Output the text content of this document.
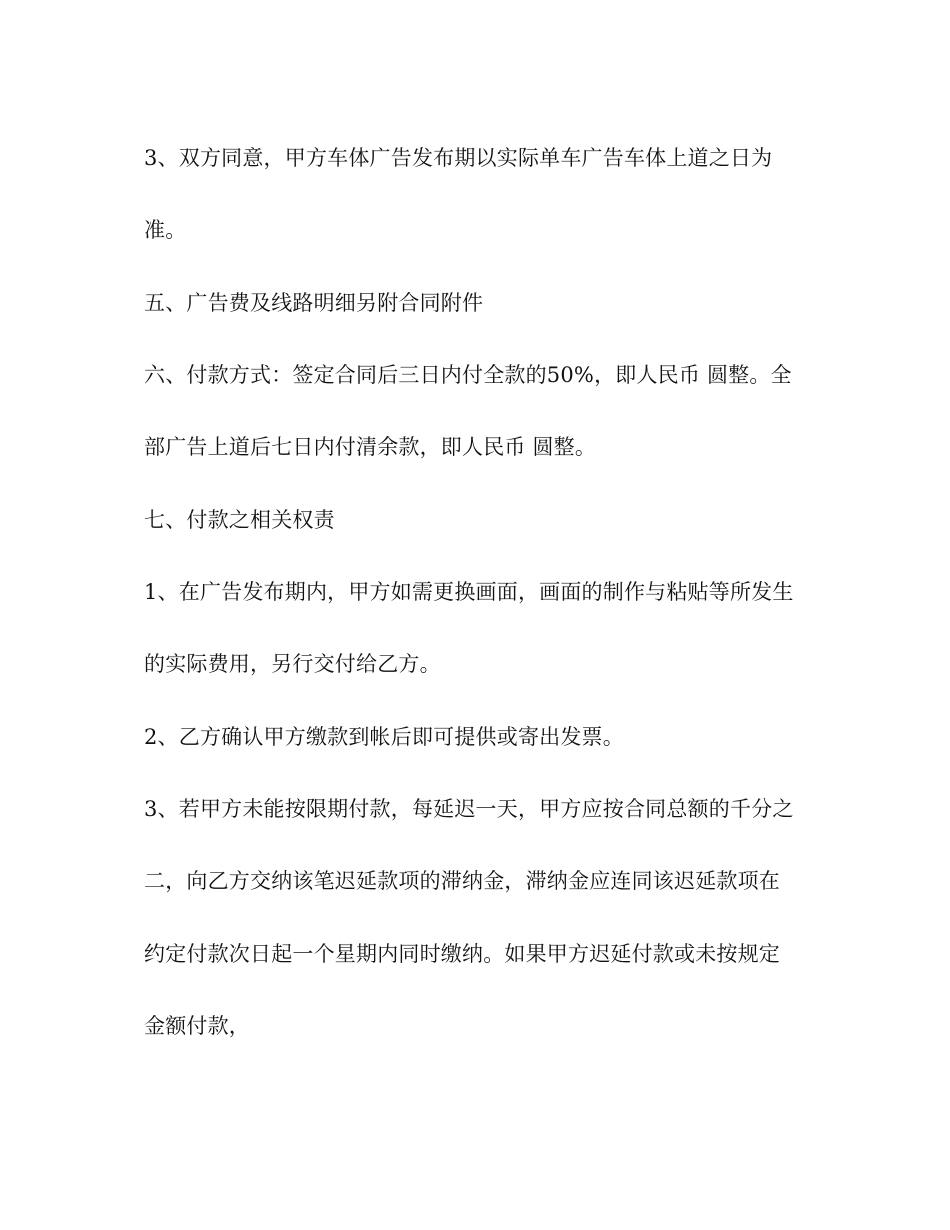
3、双方同意，甲方车体广告发布期以实际单车广告车体上道之日为
准。
五、广告费及线路明细另附合同附件
六、付款方式：签定合同后三日内付全款的50%，即人民币 圆整。全
部广告上道后七日内付清余款，即人民币 圆整。
七、付款之相关权责
1、在广告发布期内，甲方如需更换画面，画面的制作与粘贴等所发生
的实际费用，另行交付给乙方。
2、乙方确认甲方缴款到帐后即可提供或寄出发票。
3、若甲方未能按限期付款，每延迟一天，甲方应按合同总额的千分之
二，向乙方交纳该笔迟延款项的滞纳金，滞纳金应连同该迟延款项在
约定付款次日起一个星期内同时缴纳。如果甲方迟延付款或未按规定
金额付款，
